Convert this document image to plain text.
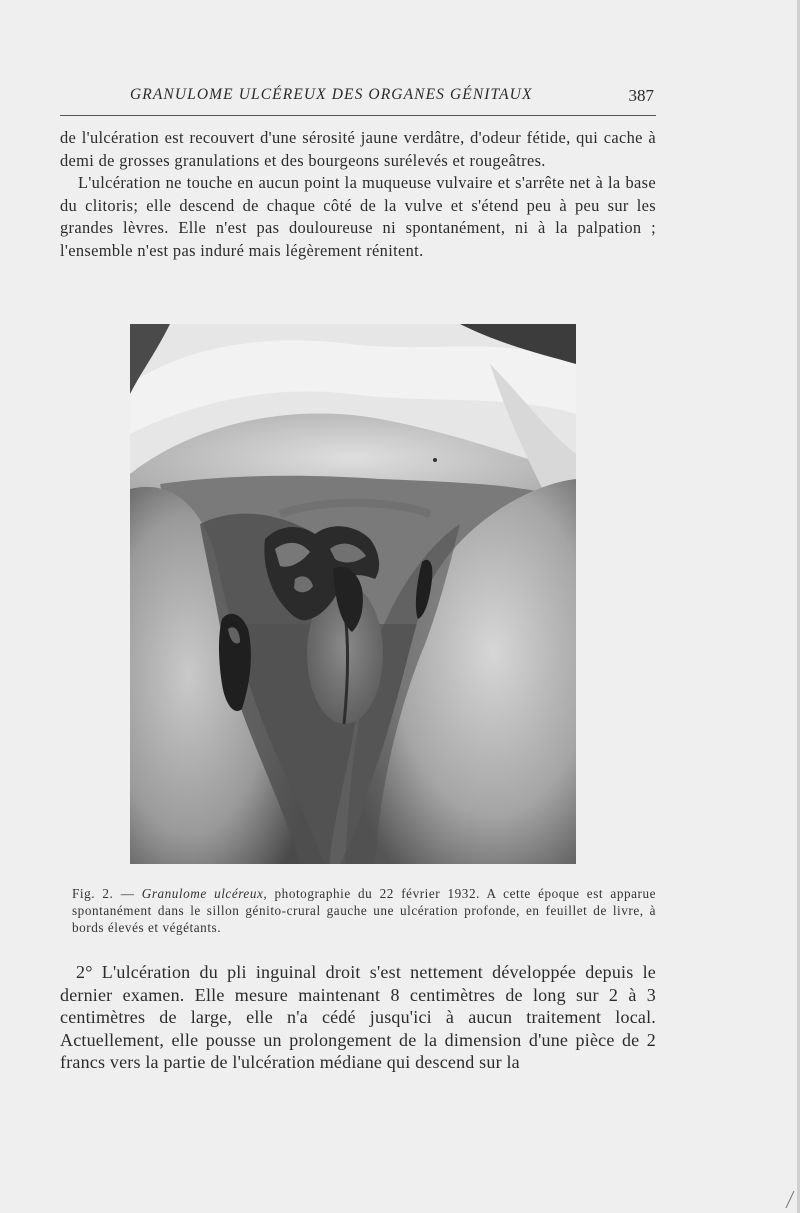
GRANULOME ULCÉREUX DES ORGANES GÉNITAUX	387

de l'ulcération est recouvert d'une sérosité jaune verdâtre, d'odeur fétide, qui cache à demi de grosses granulations et des bourgeons surélevés et rougeâtres.

L'ulcération ne touche en aucun point la muqueuse vulvaire et s'arrête net à la base du clitoris; elle descend de chaque côté de la vulve et s'étend peu à peu sur les grandes lèvres. Elle n'est pas douloureuse ni spontanément, ni à la palpation ; l'ensemble n'est pas induré mais légèrement rénitent.

Fig. 2. — Granulome ulcéreux, photographie du 22 février 1932. A cette époque est apparue spontanément dans le sillon génito-crural gauche une ulcération profonde, en feuillet de livre, à bords élevés et végétants.

2° L'ulcération du pli inguinal droit s'est nettement développée depuis le dernier examen. Elle mesure maintenant 8 centimètres de long sur 2 à 3 centimètres de large, elle n'a cédé jusqu'ici à aucun traitement local. Actuellement, elle pousse un prolongement de la dimension d'une pièce de 2 francs vers la partie de l'ulcération médiane qui descend sur la
